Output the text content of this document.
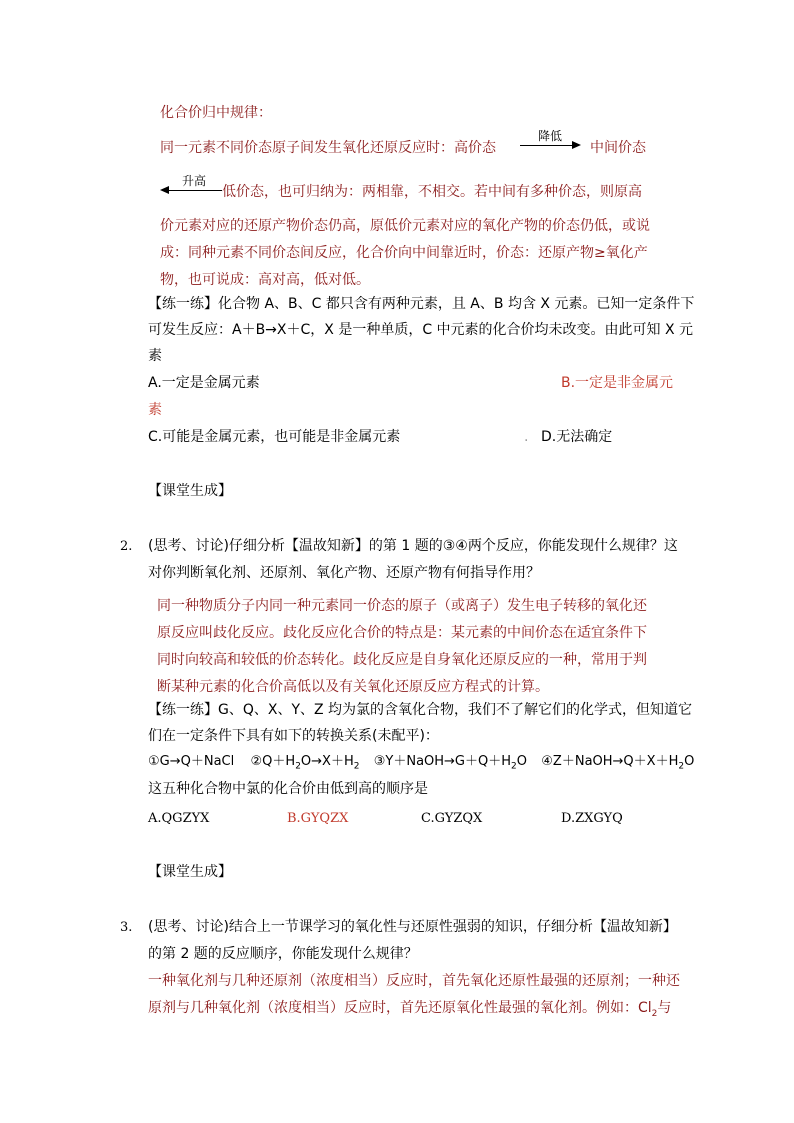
化合价归中规律：
同一元素不同价态原子间发生氧化还原反应时：高价态
降低
中间价态
升高
低价态，也可归纳为：两相靠，不相交。若中间有多种价态，则原高
价元素对应的还原产物价态仍高，原低价元素对应的氧化产物的价态仍低，或说
成：同种元素不同价态间反应，化合价向中间靠近时，价态：还原产物≥氧化产
物，也可说成：高对高，低对低。
【练一练】化合物 A、B、C 都只含有两种元素，且 A、B 均含 X 元素。已知一定条件下
可发生反应：A＋B→X＋C，X 是一种单质，C 中元素的化合价均未改变。由此可知 X 元
素
A.一定是金属元素	B.一定是非金属元
素
C.可能是金属元素，也可能是非金属元素	. D.无法确定
【课堂生成】
2. (思考、讨论)仔细分析【温故知新】的第 1 题的③④两个反应，你能发现什么规律？这
对你判断氧化剂、还原剂、氧化产物、还原产物有何指导作用？
同一种物质分子内同一种元素同一价态的原子（或离子）发生电子转移的氧化还
原反应叫歧化反应。歧化反应化合价的特点是：某元素的中间价态在适宜条件下
同时向较高和较低的价态转化。歧化反应是自身氧化还原反应的一种，常用于判
断某种元素的化合价高低以及有关氧化还原反应方程式的计算。
【练一练】G、Q、X、Y、Z 均为氯的含氧化合物，我们不了解它们的化学式，但知道它
们在一定条件下具有如下的转换关系(未配平)：
①G→Q＋NaCl $②Q+H_2O\to X+H_2$ $③Y+NaOH\to G+Q+H_2O$ $④Z+NaOH\to Q+X+H_2O$
这五种化合物中氯的化合价由低到高的顺序是
A.QGZYX	B.GYQZX	C.GYZQX	D.ZXGYQ
【课堂生成】
3. (思考、讨论)结合上一节课学习的氧化性与还原性强弱的知识，仔细分析【温故知新】
的第 2 题的反应顺序，你能发现什么规律？
一种氧化剂与几种还原剂（浓度相当）反应时，首先氧化还原性最强的还原剂；一种还
原剂与几种氧化剂（浓度相当）反应时，首先还原氧化性最强的氧化剂。例如：$Cl_2$与
